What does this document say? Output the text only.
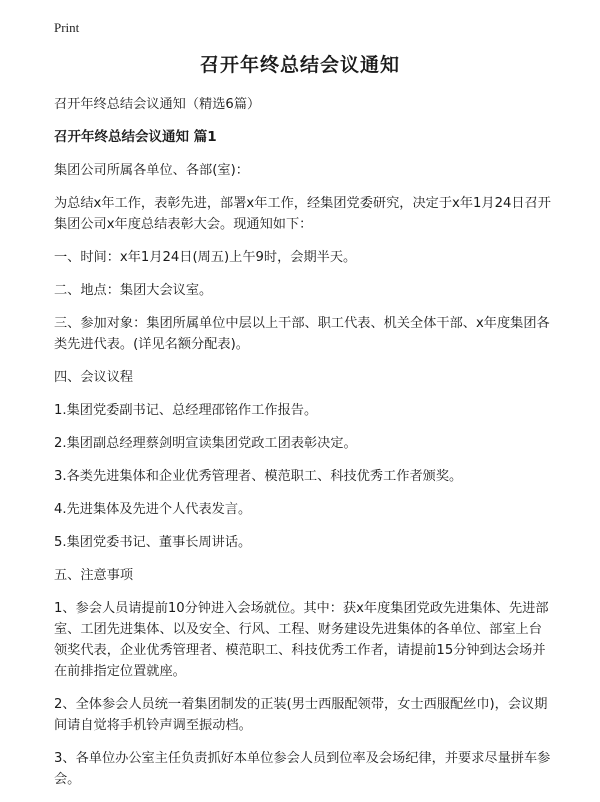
Print
召开年终总结会议通知

召开年终总结会议通知（精选6篇）

召开年终总结会议通知 篇1

集团公司所属各单位、各部(室)：

为总结x年工作，表彰先进，部署x年工作，经集团党委研究，决定于x年1月24日召开集团公司x年度总结表彰大会。现通知如下：

一、时间：x年1月24日(周五)上午9时，会期半天。

二、地点：集团大会议室。

三、参加对象：集团所属单位中层以上干部、职工代表、机关全体干部、x年度集团各类先进代表。(详见名额分配表)。

四、会议议程

1.集团党委副书记、总经理邵铭作工作报告。

2.集团副总经理蔡剑明宣读集团党政工团表彰决定。

3.各类先进集体和企业优秀管理者、模范职工、科技优秀工作者颁奖。

4.先进集体及先进个人代表发言。

5.集团党委书记、董事长周讲话。

五、注意事项

1、参会人员请提前10分钟进入会场就位。其中：获x年度集团党政先进集体、先进部室、工团先进集体、以及安全、行风、工程、财务建设先进集体的各单位、部室上台领奖代表，企业优秀管理者、模范职工、科技优秀工作者，请提前15分钟到达会场并在前排指定位置就座。

2、全体参会人员统一着集团制发的正装(男士西服配领带，女士西服配丝巾)，会议期间请自觉将手机铃声调至振动档。

3、各单位办公室主任负责抓好本单位参会人员到位率及会场纪律，并要求尽量拼车参会。
